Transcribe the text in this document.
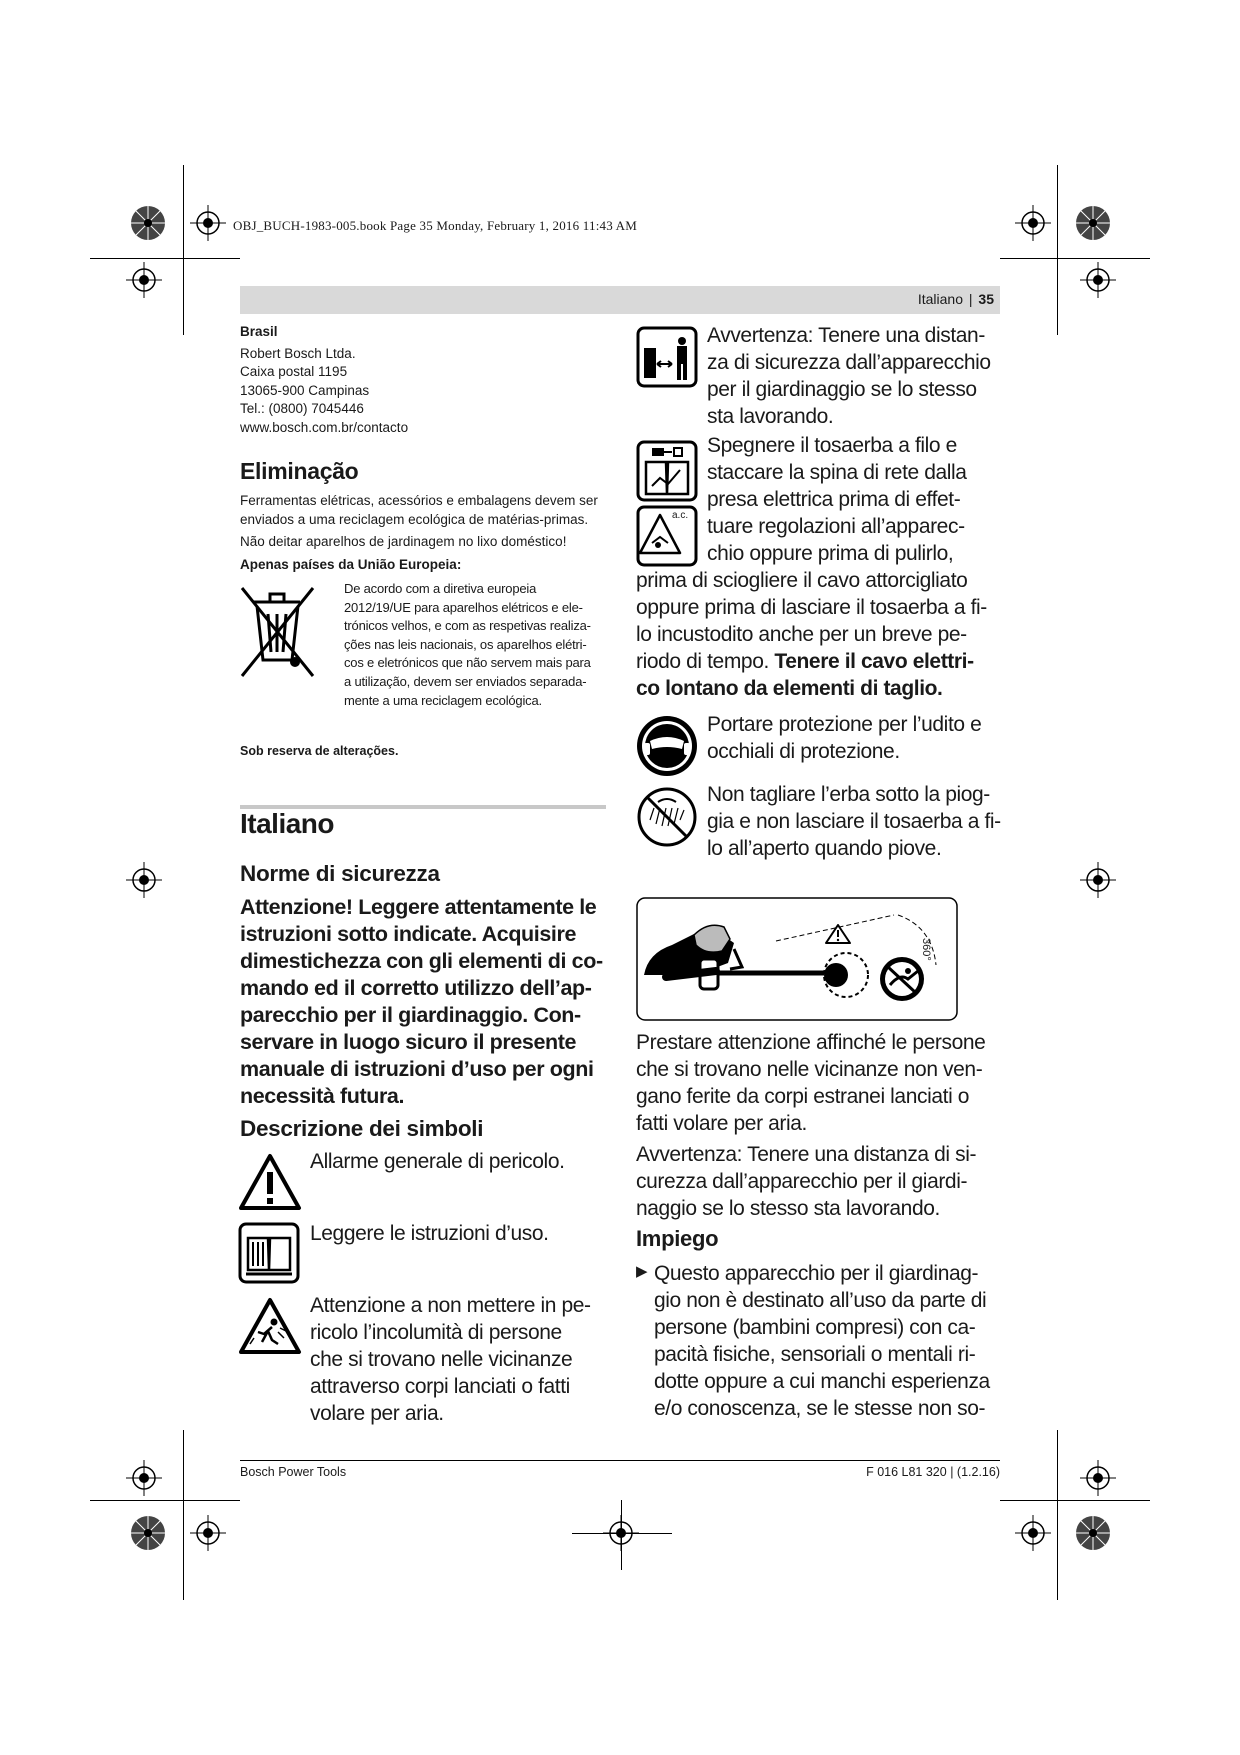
OBJ_BUCH-1983-005.book Page 35 Monday, February 1, 2016 11:43 AM
Italiano | 35

Brasil

Robert Bosch Ltda.

Caixa postal 1195

13065-900 Campinas

Tel.: (0800) 7045446

www.bosch.com.br/contacto

Eliminação

Ferramentas elétricas, acessórios e embalagens devem ser

enviados a uma reciclagem ecológica de matérias-primas.

Não deitar aparelhos de jardinagem no lixo doméstico!

Apenas países da União Europeia:

De acordo com a diretiva europeia
2012/19/UE para aparelhos elétricos e ele-
trónicos velhos, e com as respetivas realiza-
ções nas leis nacionais, os aparelhos elétri-
cos e eletrónicos que não servem mais para
a utilização, devem ser enviados separada-
mente a uma reciclagem ecológica.
Sob reserva de alterações.
Italiano
Norme di sicurezza
Attenzione! Leggere attentamente le
istruzioni sotto indicate. Acquisire
dimestichezza con gli elementi di co-
mando ed il corretto utilizzo dell’ap-
parecchio per il giardinaggio. Con-
servare in luogo sicuro il presente
manuale di istruzioni d’uso per ogni
necessità futura.
Descrizione dei simboli
Allarme generale di pericolo.
Leggere le istruzioni d’uso.
Attenzione a non mettere in pe-
ricolo l’incolumità di persone
che si trovano nelle vicinanze
attraverso corpi lanciati o fatti
volare per aria.
Avvertenza: Tenere una distan-
za di sicurezza dall’apparecchio
per il giardinaggio se lo stesso
sta lavorando.
a.c.
Spegnere il tosaerba a filo e
staccare la spina di rete dalla
presa elettrica prima di effet-
tuare regolazioni all’apparec-
chio oppure prima di pulirlo,
prima di sciogliere il cavo attorcigliato
oppure prima di lasciare il tosaerba a fi-
lo incustodito anche per un breve pe-
riodo di tempo. Tenere il cavo elettri-
co lontano da elementi di taglio.
Portare protezione per l’udito e
occhiali di protezione.
Non tagliare l’erba sotto la piog-
gia e non lasciare il tosaerba a fi-
lo all’aperto quando piove.
360°
Prestare attenzione affinché le persone
che si trovano nelle vicinanze non ven-
gano ferite da corpi estranei lanciati o
fatti volare per aria.
Avvertenza: Tenere una distanza di si-
curezza dall’apparecchio per il giardi-
naggio se lo stesso sta lavorando.
Impiego
▶ Questo apparecchio per il giardinag-
gio non è destinato all’uso da parte di
persone (bambini compresi) con ca-
pacità fisiche, sensoriali o mentali ri-
dotte oppure a cui manchi esperienza
e/o conoscenza, se le stesse non so-
Bosch Power Tools	F 016 L81 320 | (1.2.16)
